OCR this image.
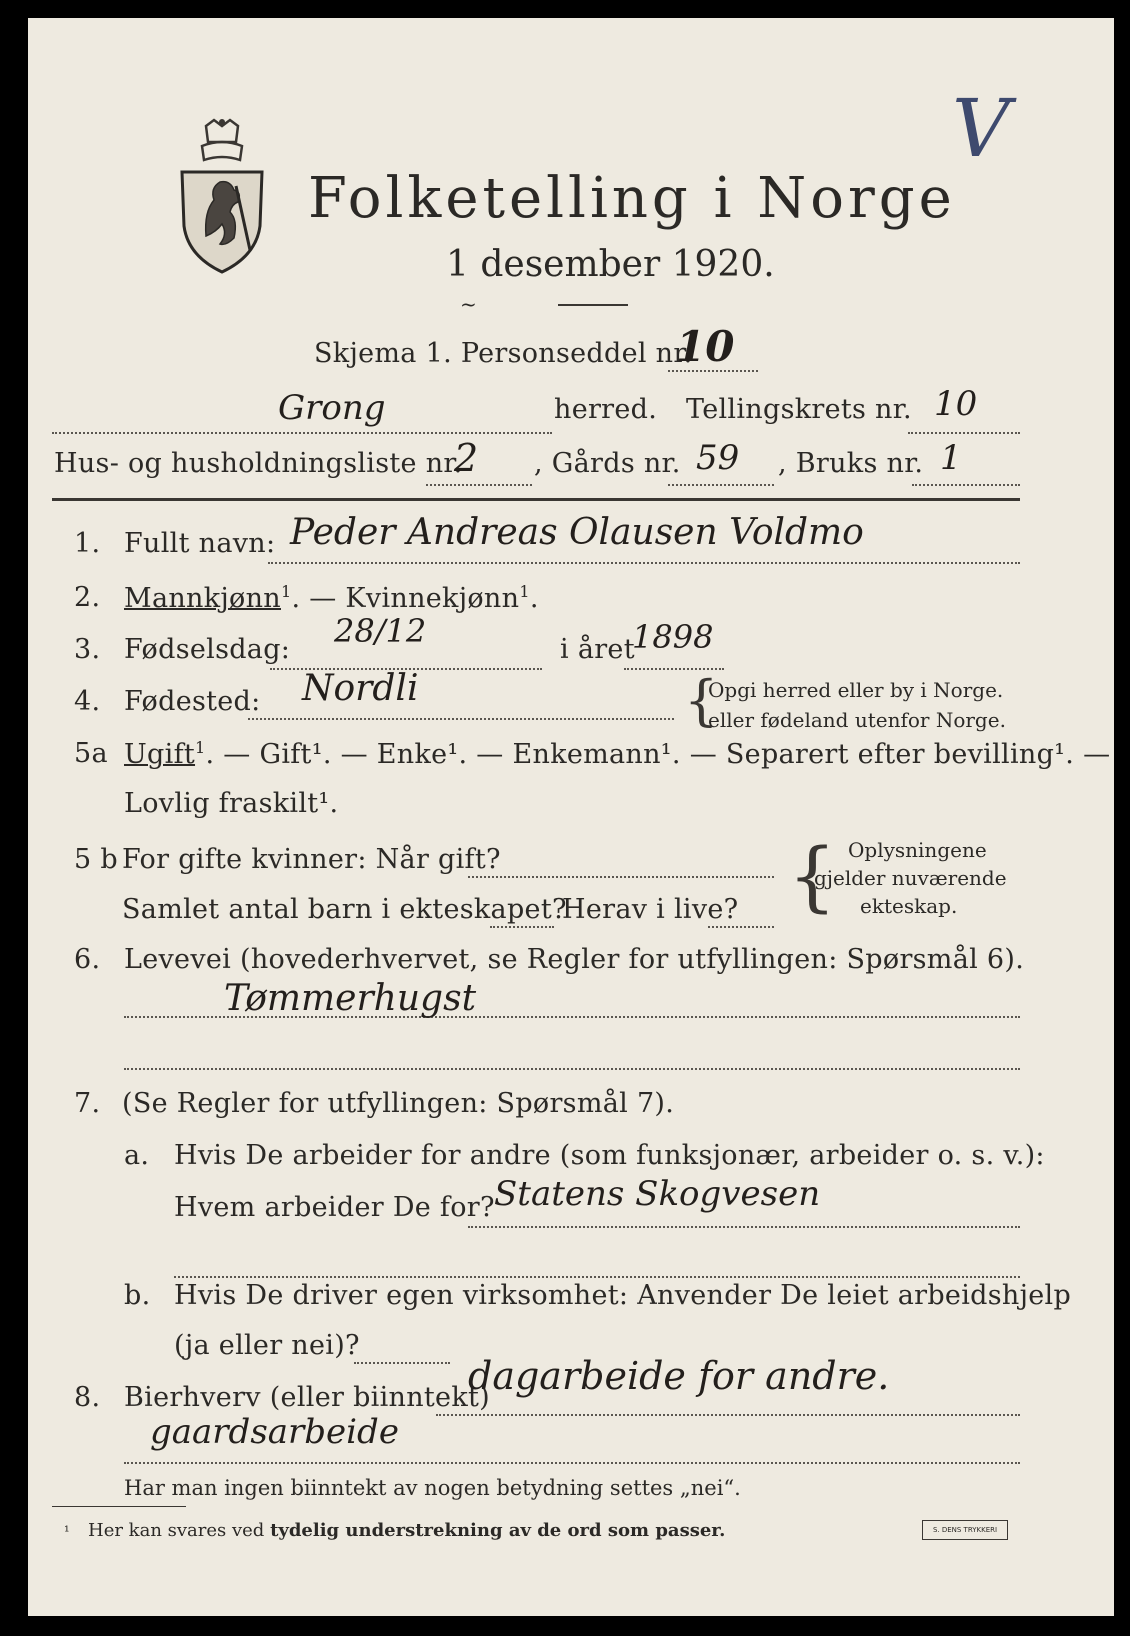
Folketelling i Norge
1 desember 1920.
V
~
Skjema 1. Personseddel nr.
10
Grong	herred. Tellingskrets nr. 10
Hus- og husholdningsliste nr.
2 , Gårds nr. 59 , Bruks nr. 1
1. Fullt navn: Peder Andreas Olausen Voldmo
2. Mannkjønn$^1$. — Kvinnekjønn$^1$.
3. Fødselsdag: 28/12	i året
1898
4. Fødested: Nordli	{
Opgi herred eller by i Norge.
eller fødeland utenfor Norge.
5a Ugift$^1$. — Gift¹. — Enke¹. — Enkemann¹. — Separert efter bevilling¹. —
Lovlig fraskilt¹.
5 b For gifte kvinner: Når gift?
Samlet antal barn i ekteskapet?
Herav i live? { Oplysningene
gjelder nuværende
ekteskap.
6. Levevei (hovederhvervet, se Regler for utfyllingen: Spørsmål 6).
Tømmerhugst
7. (Se Regler for utfyllingen: Spørsmål 7).
a. Hvis De arbeider for andre (som funksjonær, arbeider o. s. v.):
Hvem arbeider De for? Statens Skogvesen
b. Hvis De driver egen virksomhet: Anvender De leiet arbeidshjelp
(ja eller nei)?
8. Bierhverv (eller biinntekt)
dagarbeide for andre.
gaardsarbeide
Har man ingen biinntekt av nogen betydning settes „nei“.
¹ Her kan svares ved tydelig understrekning av de ord som passer.	S. DENS TRYKKERI
